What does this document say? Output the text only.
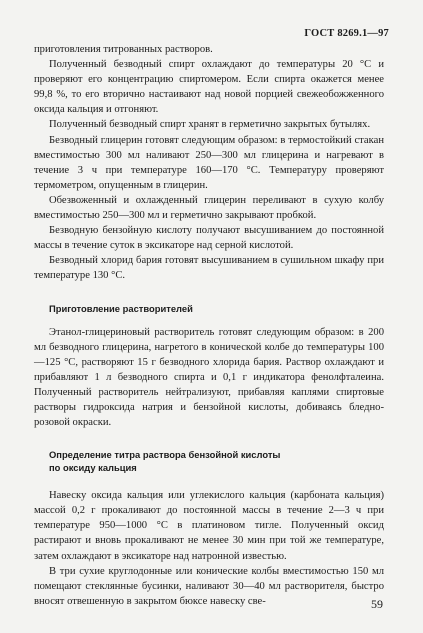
ГОСТ 8269.1—97

приготовления титрованных растворов.

Полученный безводный спирт охлаждают до температуры 20 °С и проверяют его концентрацию спиртомером. Если спирта окажется менее 99,8 %, то его вторично настаивают над новой порцией свежеобожженного оксида кальция и отгоняют.

Полученный безводный спирт хранят в герметично закрытых бутылях.

Безводный глицерин готовят следующим образом: в термостойкий стакан вместимостью 300 мл наливают 250—300 мл глицерина и нагревают в течение 3 ч при температуре 160—170 °С. Температуру проверяют термометром, опущенным в глицерин.

Обезвоженный и охлажденный глицерин переливают в сухую колбу вместимостью 250—300 мл и герметично закрывают пробкой.

Безводную бензойную кислоту получают высушиванием до постоянной массы в течение суток в эксикаторе над серной кислотой.

Безводный хлорид бария готовят высушиванием в сушильном шкафу при температуре 130 °С.

Приготовление растворителей

Этанол-глицериновый растворитель готовят следующим образом: в 200 мл безводного глицерина, нагретого в конической колбе до температуры 100—125 °С, растворяют 15 г безводного хлорида бария. Раствор охлаждают и прибавляют 1 л безводного спирта и 0,1 г индикатора фенолфталеина. Полученный растворитель нейтрализуют, прибавляя каплями спиртовые растворы гидроксида натрия и бензойной кислоты, добиваясь бледно-розовой окраски.

Определение титра раствора бензойной кислоты

по оксиду кальция

Навеску оксида кальция или углекислого кальция (карбоната кальция) массой 0,2 г прокаливают до постоянной массы в течение 2—3 ч при температуре 950—1000 °С в платиновом тигле. Полученный оксид растирают и вновь прокаливают не менее 30 мин при той же температуре, затем охлаждают в эксикаторе над натронной известью.

В три сухие круглодонные или конические колбы вместимостью 150 мл помещают стеклянные бусинки, наливают 30—40 мл растворителя, быстро вносят отвешенную в закрытом бюксе навеску све-	59
